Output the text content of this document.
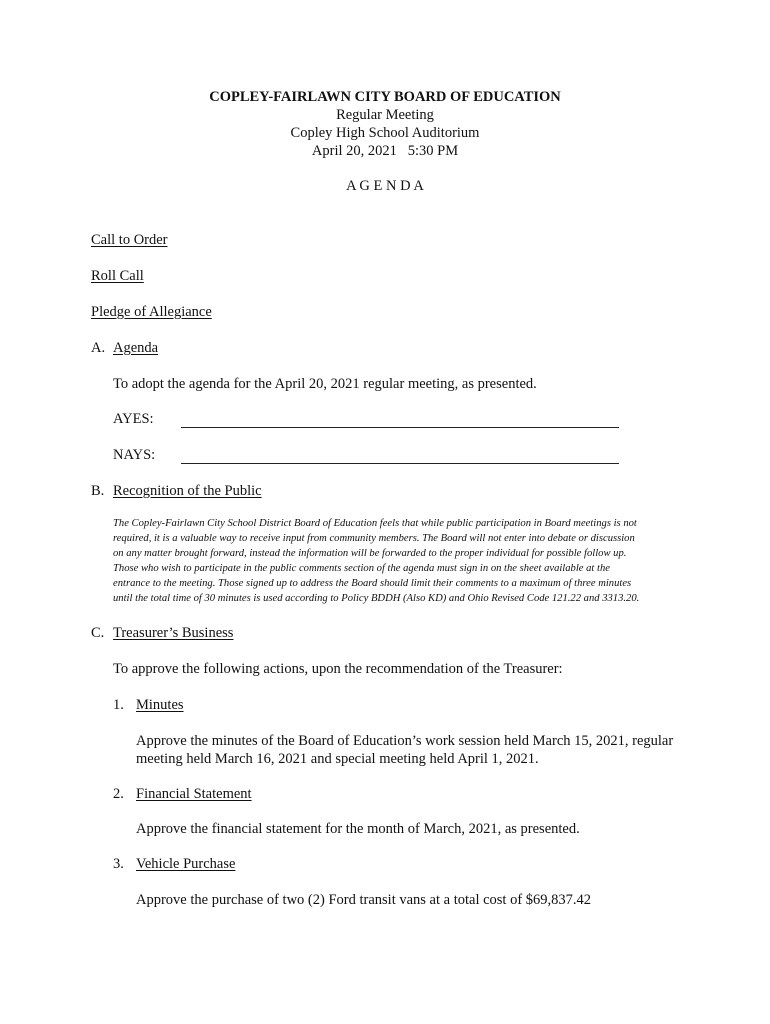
COPLEY-FAIRLAWN CITY BOARD OF EDUCATION
Regular Meeting
Copley High School Auditorium
April 20, 2021   5:30 PM
A G E N D A
Call to Order
Roll Call
Pledge of Allegiance
A. Agenda
To adopt the agenda for the April 20, 2021 regular meeting, as presented.
AYES:
NAYS:
B. Recognition of the Public
The Copley-Fairlawn City School District Board of Education feels that while public participation in Board meetings is not
required, it is a valuable way to receive input from community members. The Board will not enter into debate or discussion
on any matter brought forward, instead the information will be forwarded to the proper individual for possible follow up.
Those who wish to participate in the public comments section of the agenda must sign in on the sheet available at the
entrance to the meeting. Those signed up to address the Board should limit their comments to a maximum of three minutes
until the total time of 30 minutes is used according to Policy BDDH (Also KD) and Ohio Revised Code 121.22 and 3313.20.
C. Treasurer’s Business
To approve the following actions, upon the recommendation of the Treasurer:
1. Minutes
Approve the minutes of the Board of Education’s work session held March 15, 2021, regular meeting held March 16, 2021 and special meeting held April 1, 2021.
2. Financial Statement
Approve the financial statement for the month of March, 2021, as presented.
3. Vehicle Purchase
Approve the purchase of two (2) Ford transit vans at a total cost of $69,837.42
